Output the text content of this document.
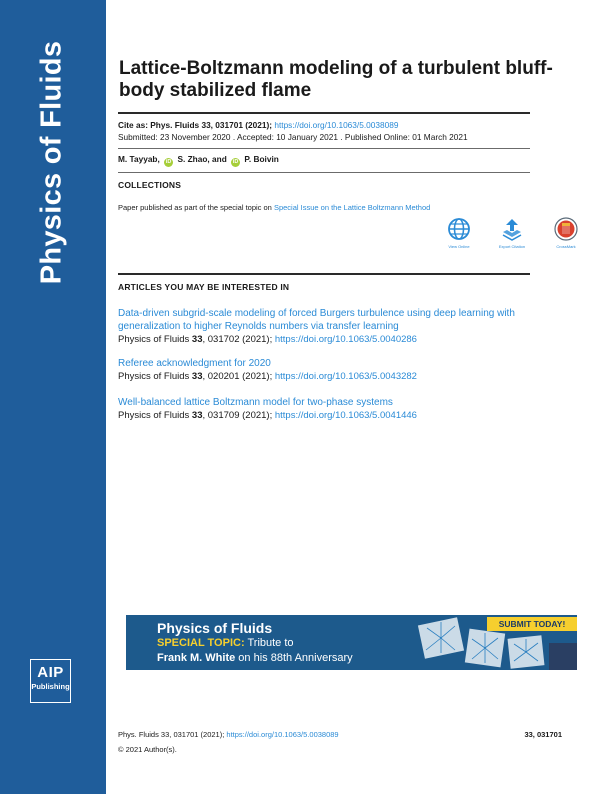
Physics of Fluids
AIP
Publishing
Lattice-Boltzmann modeling of a turbulent bluff-body stabilized flame
Cite as: Phys. Fluids 33, 031701 (2021); https://doi.org/10.1063/5.0038089
Submitted: 23 November 2020 . Accepted: 10 January 2021 . Published Online: 01 March 2021
M. Tayyab, iD S. Zhao, and iD P. Boivin
COLLECTIONS
Paper published as part of the special topic on Special Issue on the Lattice Boltzmann Method
View Online	Export Citation	CrossMark
ARTICLES YOU MAY BE INTERESTED IN
Data-driven subgrid-scale modeling of forced Burgers turbulence using deep learning with generalization to higher Reynolds numbers via transfer learning
Physics of Fluids 33, 031702 (2021); https://doi.org/10.1063/5.0040286
Referee acknowledgment for 2020
Physics of Fluids 33, 020201 (2021); https://doi.org/10.1063/5.0043282
Well-balanced lattice Boltzmann model for two-phase systems
Physics of Fluids 33, 031709 (2021); https://doi.org/10.1063/5.0041446
Physics of Fluids
SPECIAL TOPIC: Tribute to
Frank M. White on his 88th Anniversary
SUBMIT TODAY!
Phys. Fluids 33, 031701 (2021); https://doi.org/10.1063/5.0038089	33, 031701
© 2021 Author(s).
